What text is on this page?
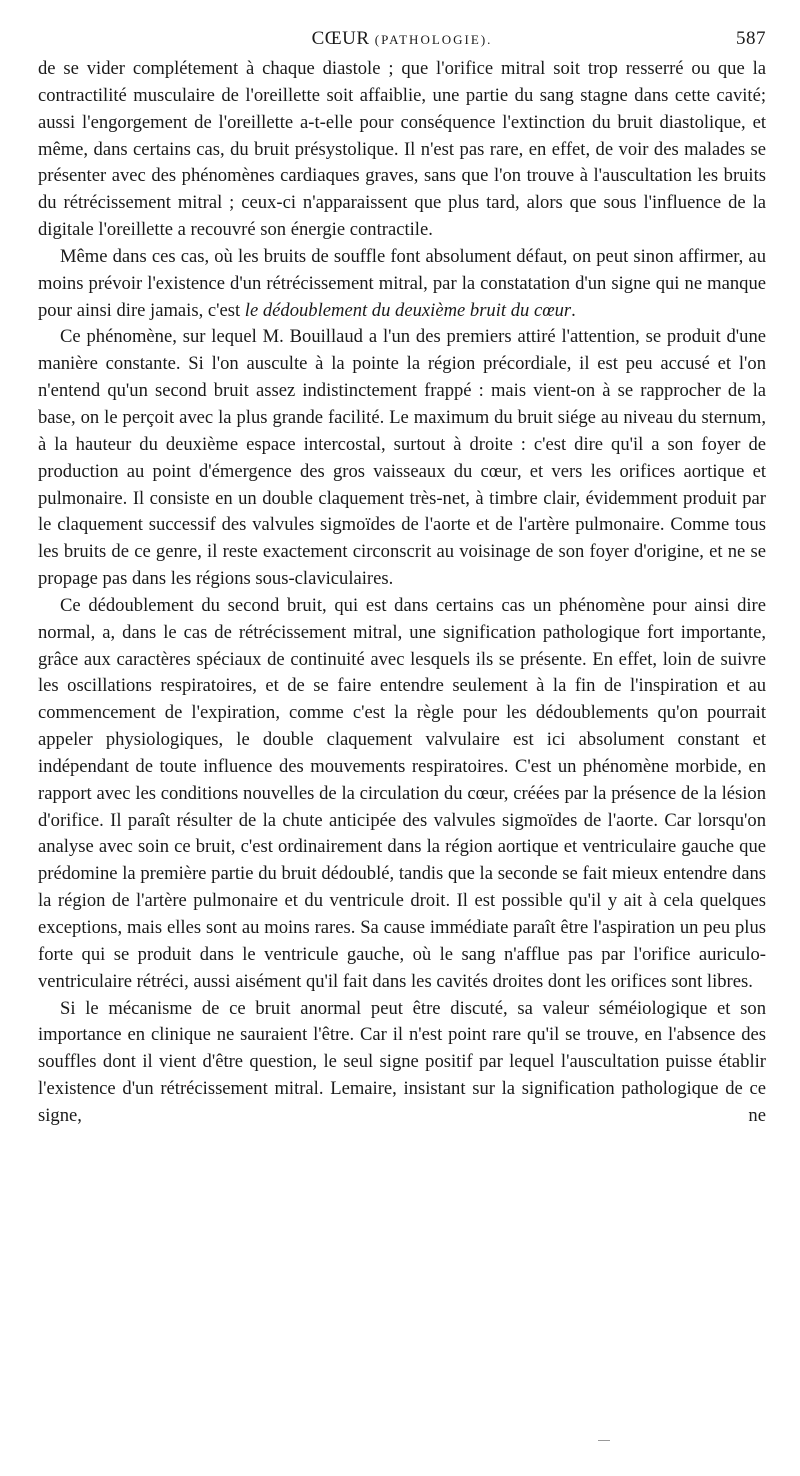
CŒUR (PATHOLOGIE).	587

de se vider complétement à chaque diastole ; que l'orifice mitral soit trop resserré ou que la contractilité musculaire de l'oreillette soit affaiblie, une partie du sang stagne dans cette cavité; aussi l'engorgement de l'oreillette a-t-elle pour conséquence l'extinction du bruit diastolique, et même, dans certains cas, du bruit présystolique. Il n'est pas rare, en effet, de voir des malades se présenter avec des phénomènes cardiaques graves, sans que l'on trouve à l'auscultation les bruits du rétrécissement mitral ; ceux-ci n'apparaissent que plus tard, alors que sous l'influence de la digitale l'oreillette a recouvré son énergie contractile.

Même dans ces cas, où les bruits de souffle font absolument défaut, on peut sinon affirmer, au moins prévoir l'existence d'un rétrécissement mitral, par la constatation d'un signe qui ne manque pour ainsi dire jamais, c'est le dédoublement du deuxième bruit du cœur.

Ce phénomène, sur lequel M. Bouillaud a l'un des premiers attiré l'attention, se produit d'une manière constante. Si l'on ausculte à la pointe la région précordiale, il est peu accusé et l'on n'entend qu'un second bruit assez indistinctement frappé : mais vient-on à se rapprocher de la base, on le perçoit avec la plus grande facilité. Le maximum du bruit siége au niveau du sternum, à la hauteur du deuxième espace intercostal, surtout à droite : c'est dire qu'il a son foyer de production au point d'émergence des gros vaisseaux du cœur, et vers les orifices aortique et pulmonaire. Il consiste en un double claquement très-net, à timbre clair, évidemment produit par le claquement successif des valvules sigmoïdes de l'aorte et de l'artère pulmonaire. Comme tous les bruits de ce genre, il reste exactement circonscrit au voisinage de son foyer d'origine, et ne se propage pas dans les régions sous-claviculaires.

Ce dédoublement du second bruit, qui est dans certains cas un phénomène pour ainsi dire normal, a, dans le cas de rétrécissement mitral, une signification pathologique fort importante, grâce aux caractères spéciaux de continuité avec lesquels ils se présente. En effet, loin de suivre les oscillations respiratoires, et de se faire entendre seulement à la fin de l'inspiration et au commencement de l'expiration, comme c'est la règle pour les dédoublements qu'on pourrait appeler physiologiques, le double claquement valvulaire est ici absolument constant et indépendant de toute influence des mouvements respiratoires. C'est un phénomène morbide, en rapport avec les conditions nouvelles de la circulation du cœur, créées par la présence de la lésion d'orifice. Il paraît résulter de la chute anticipée des valvules sigmoïdes de l'aorte. Car lorsqu'on analyse avec soin ce bruit, c'est ordinairement dans la région aortique et ventriculaire gauche que prédomine la première partie du bruit dédoublé, tandis que la seconde se fait mieux entendre dans la région de l'artère pulmonaire et du ventricule droit. Il est possible qu'il y ait à cela quelques exceptions, mais elles sont au moins rares. Sa cause immédiate paraît être l'aspiration un peu plus forte qui se produit dans le ventricule gauche, où le sang n'afflue pas par l'orifice auriculo-ventriculaire rétréci, aussi aisément qu'il fait dans les cavités droites dont les orifices sont libres.

Si le mécanisme de ce bruit anormal peut être discuté, sa valeur séméiologique et son importance en clinique ne sauraient l'être. Car il n'est point rare qu'il se trouve, en l'absence des souffles dont il vient d'être question, le seul signe positif par lequel l'auscultation puisse établir l'existence d'un rétrécissement mitral. Lemaire, insistant sur la signification pathologique de ce signe, ne
